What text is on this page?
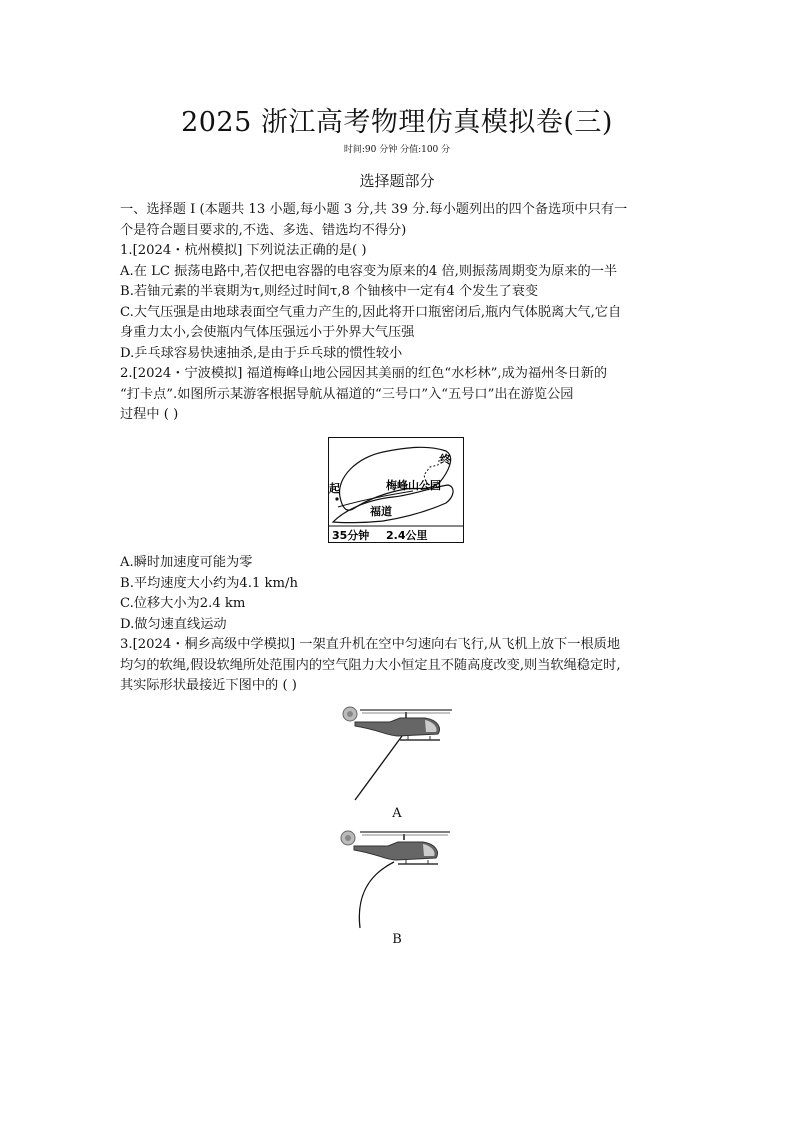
2025 浙江高考物理仿真模拟卷(三)
时间:90 分钟 分值:100 分
选择题部分
一、选择题 I (本题共 13 小题,每小题 3 分,共 39 分.每小题列出的四个备选项中只有一
个是符合题目要求的,不选、多选、错选均不得分)
1.[2024・杭州模拟] 下列说法正确的是( )
A.在 LC 振荡电路中,若仅把电容器的电容变为原来的4 倍,则振荡周期变为原来的一半
B.若铀元素的半衰期为τ,则经过时间τ,8 个铀核中一定有4 个发生了衰变
C.大气压强是由地球表面空气重力产生的,因此将开口瓶密闭后,瓶内气体脱离大气,它自
身重力太小,会使瓶内气体压强远小于外界大气压强
D.乒乓球容易快速抽杀,是由于乒乓球的惯性较小
2.[2024・宁波模拟] 福道梅峰山地公园因其美丽的红色“水杉林”,成为福州冬日新的
“打卡点”.如图所示某游客根据导航从福道的“三号口”入“五号口”出在游览公园
过程中 ( )
起
终
梅峰山公园
福道
35分钟 2.4公里
A.瞬时加速度可能为零
B.平均速度大小约为4.1 km/h
C.位移大小为2.4 km
D.做匀速直线运动
3.[2024・桐乡高级中学模拟] 一架直升机在空中匀速向右飞行,从飞机上放下一根质地
均匀的软绳,假设软绳所处范围内的空气阻力大小恒定且不随高度改变,则当软绳稳定时,
其实际形状最接近下图中的 ( )
A
B
